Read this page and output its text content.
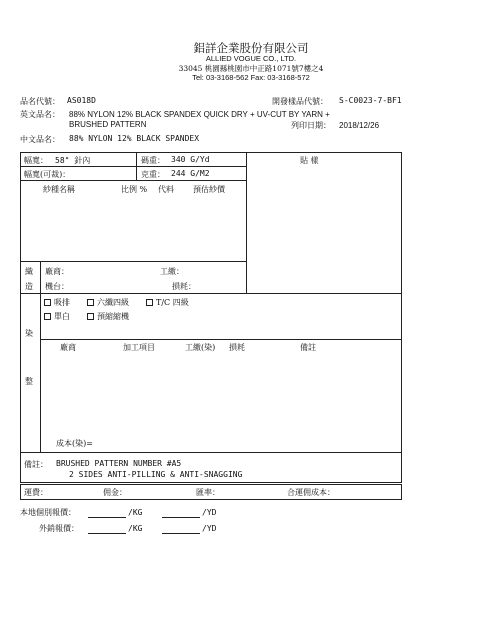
鋁詳企業股份有限公司
ALLIED VOGUE CO., LTD.
33045 桃園縣桃園市中正路1071號7樓之4
Tel: 03-3168-562 Fax: 03-3168-572
品名代號： AS018D	開發樣品代號： S-C0023-7-BF1
英文品名： 88% NYLON 12% BLACK SPANDEX QUICK DRY + UV-CUT BY YARN +
BRUSHED PATTERN	列印日期： 2018/12/26
中文品名： 88% NYLON 12% BLACK SPANDEX
幅寬： 58" 針內	碼重： 340 G/Yd	貼 樣
幅寬(可裁)：	克重： 244 G/M2
紗種名稱	比例 % 代料 預估紗價
織
造
廠商：	工繳：
機台：	損耗：
染
整
吸排	六纖四級	T/C 四級
單白	預縮縮機
廠商	加工項目	工繳(染) 損耗	備註
成本(染)=
備註： BRUSHED PATTERN NUMBER #A5
2 SIDES ANTI-PILLING & ANTI-SNAGGING
運費：	佣金：	匯率：	合運佣成本：
本地個別報價：	/KG	/YD
外銷報價：	/KG	/YD
